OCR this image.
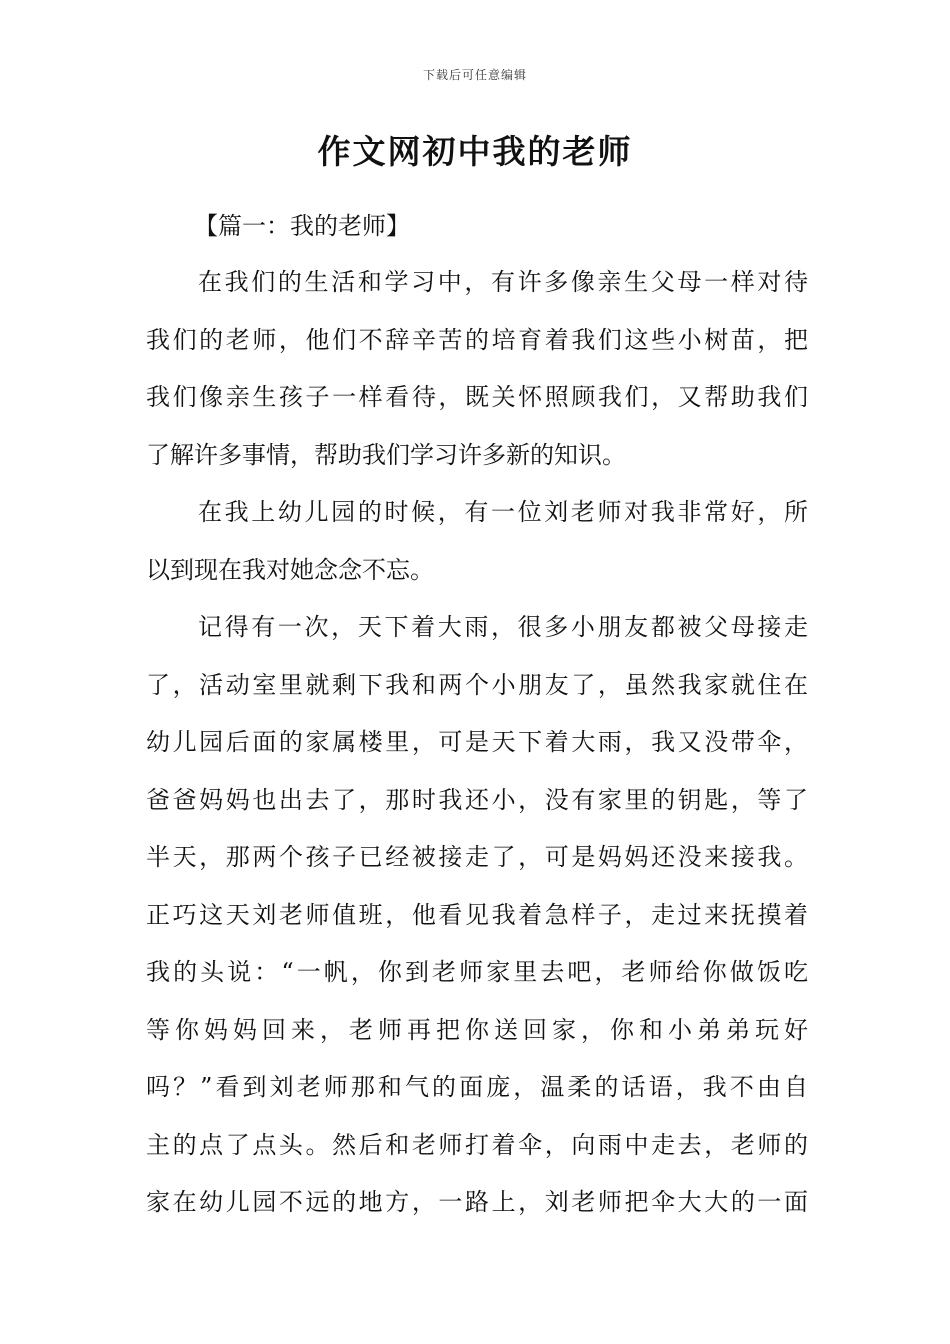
下载后可任意编辑
作文网初中我的老师
【篇一：我的老师】
在我们的生活和学习中，有许多像亲生父母一样对待
我们的老师，他们不辞辛苦的培育着我们这些小树苗，把
我们像亲生孩子一样看待，既关怀照顾我们，又帮助我们
了解许多事情，帮助我们学习许多新的知识。
在我上幼儿园的时候，有一位刘老师对我非常好，所
以到现在我对她念念不忘。
记得有一次，天下着大雨，很多小朋友都被父母接走
了，活动室里就剩下我和两个小朋友了，虽然我家就住在
幼儿园后面的家属楼里，可是天下着大雨，我又没带伞，
爸爸妈妈也出去了，那时我还小，没有家里的钥匙，等了
半天，那两个孩子已经被接走了，可是妈妈还没来接我。
正巧这天刘老师值班，他看见我着急样子，走过来抚摸着
我的头说：“一帆，你到老师家里去吧，老师给你做饭吃
等你妈妈回来，老师再把你送回家，你和小弟弟玩好
吗？”看到刘老师那和气的面庞，温柔的话语，我不由自
主的点了点头。然后和老师打着伞，向雨中走去，老师的
家在幼儿园不远的地方，一路上，刘老师把伞大大的一面
